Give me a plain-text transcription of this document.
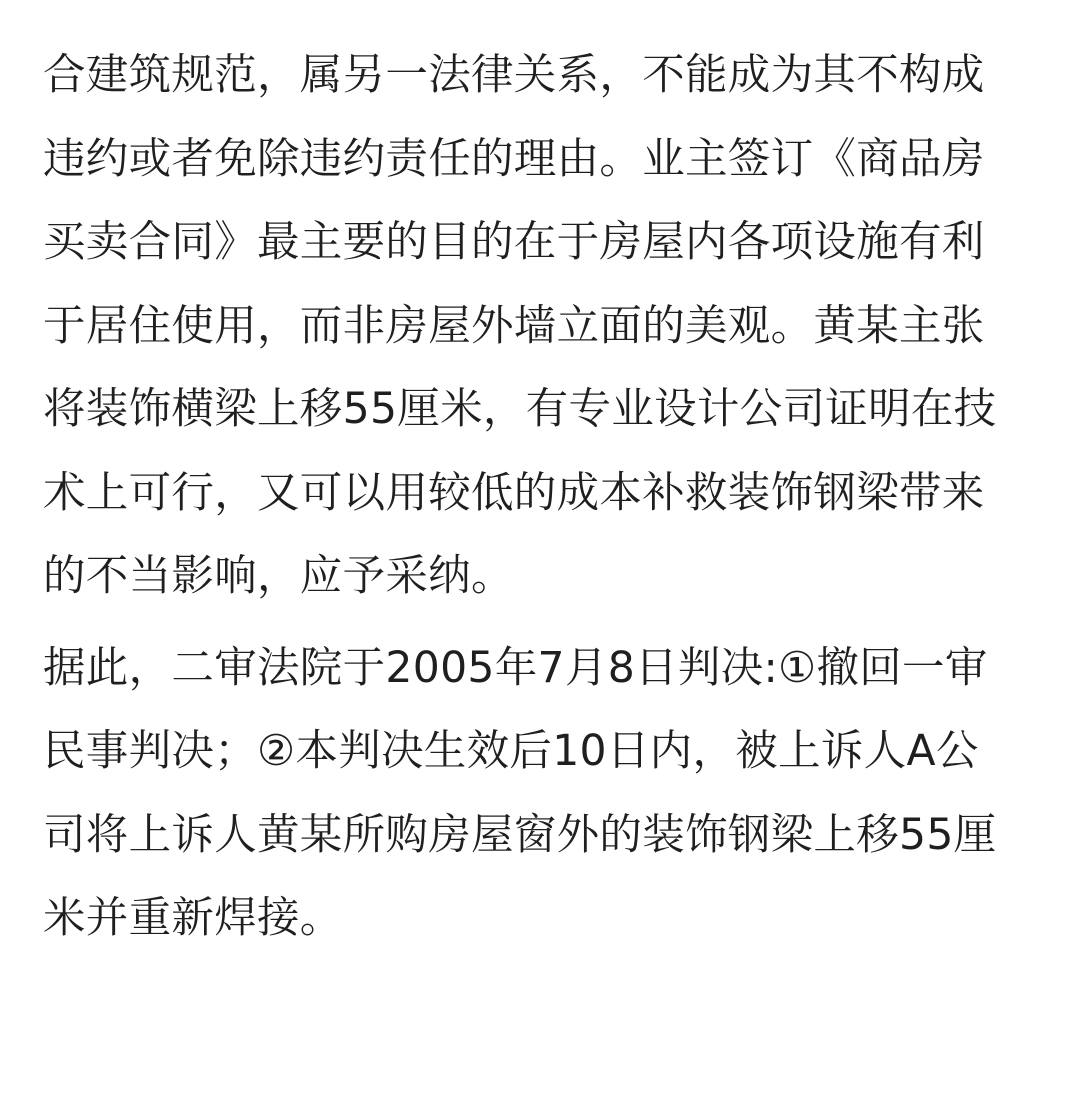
合建筑规范，属另一法律关系，不能成为其不构成
违约或者免除违约责任的理由。业主签订《商品房
买卖合同》最主要的目的在于房屋内各项设施有利
于居住使用，而非房屋外墙立面的美观。黄某主张
将装饰横梁上移55厘米，有专业设计公司证明在技
术上可行，又可以用较低的成本补救装饰钢梁带来
的不当影响，应予采纳。
据此，二审法院于2005年7月8日判决:①撤回一审
民事判决；②本判决生效后10日内，被上诉人A公
司将上诉人黄某所购房屋窗外的装饰钢梁上移55厘
米并重新焊接。
